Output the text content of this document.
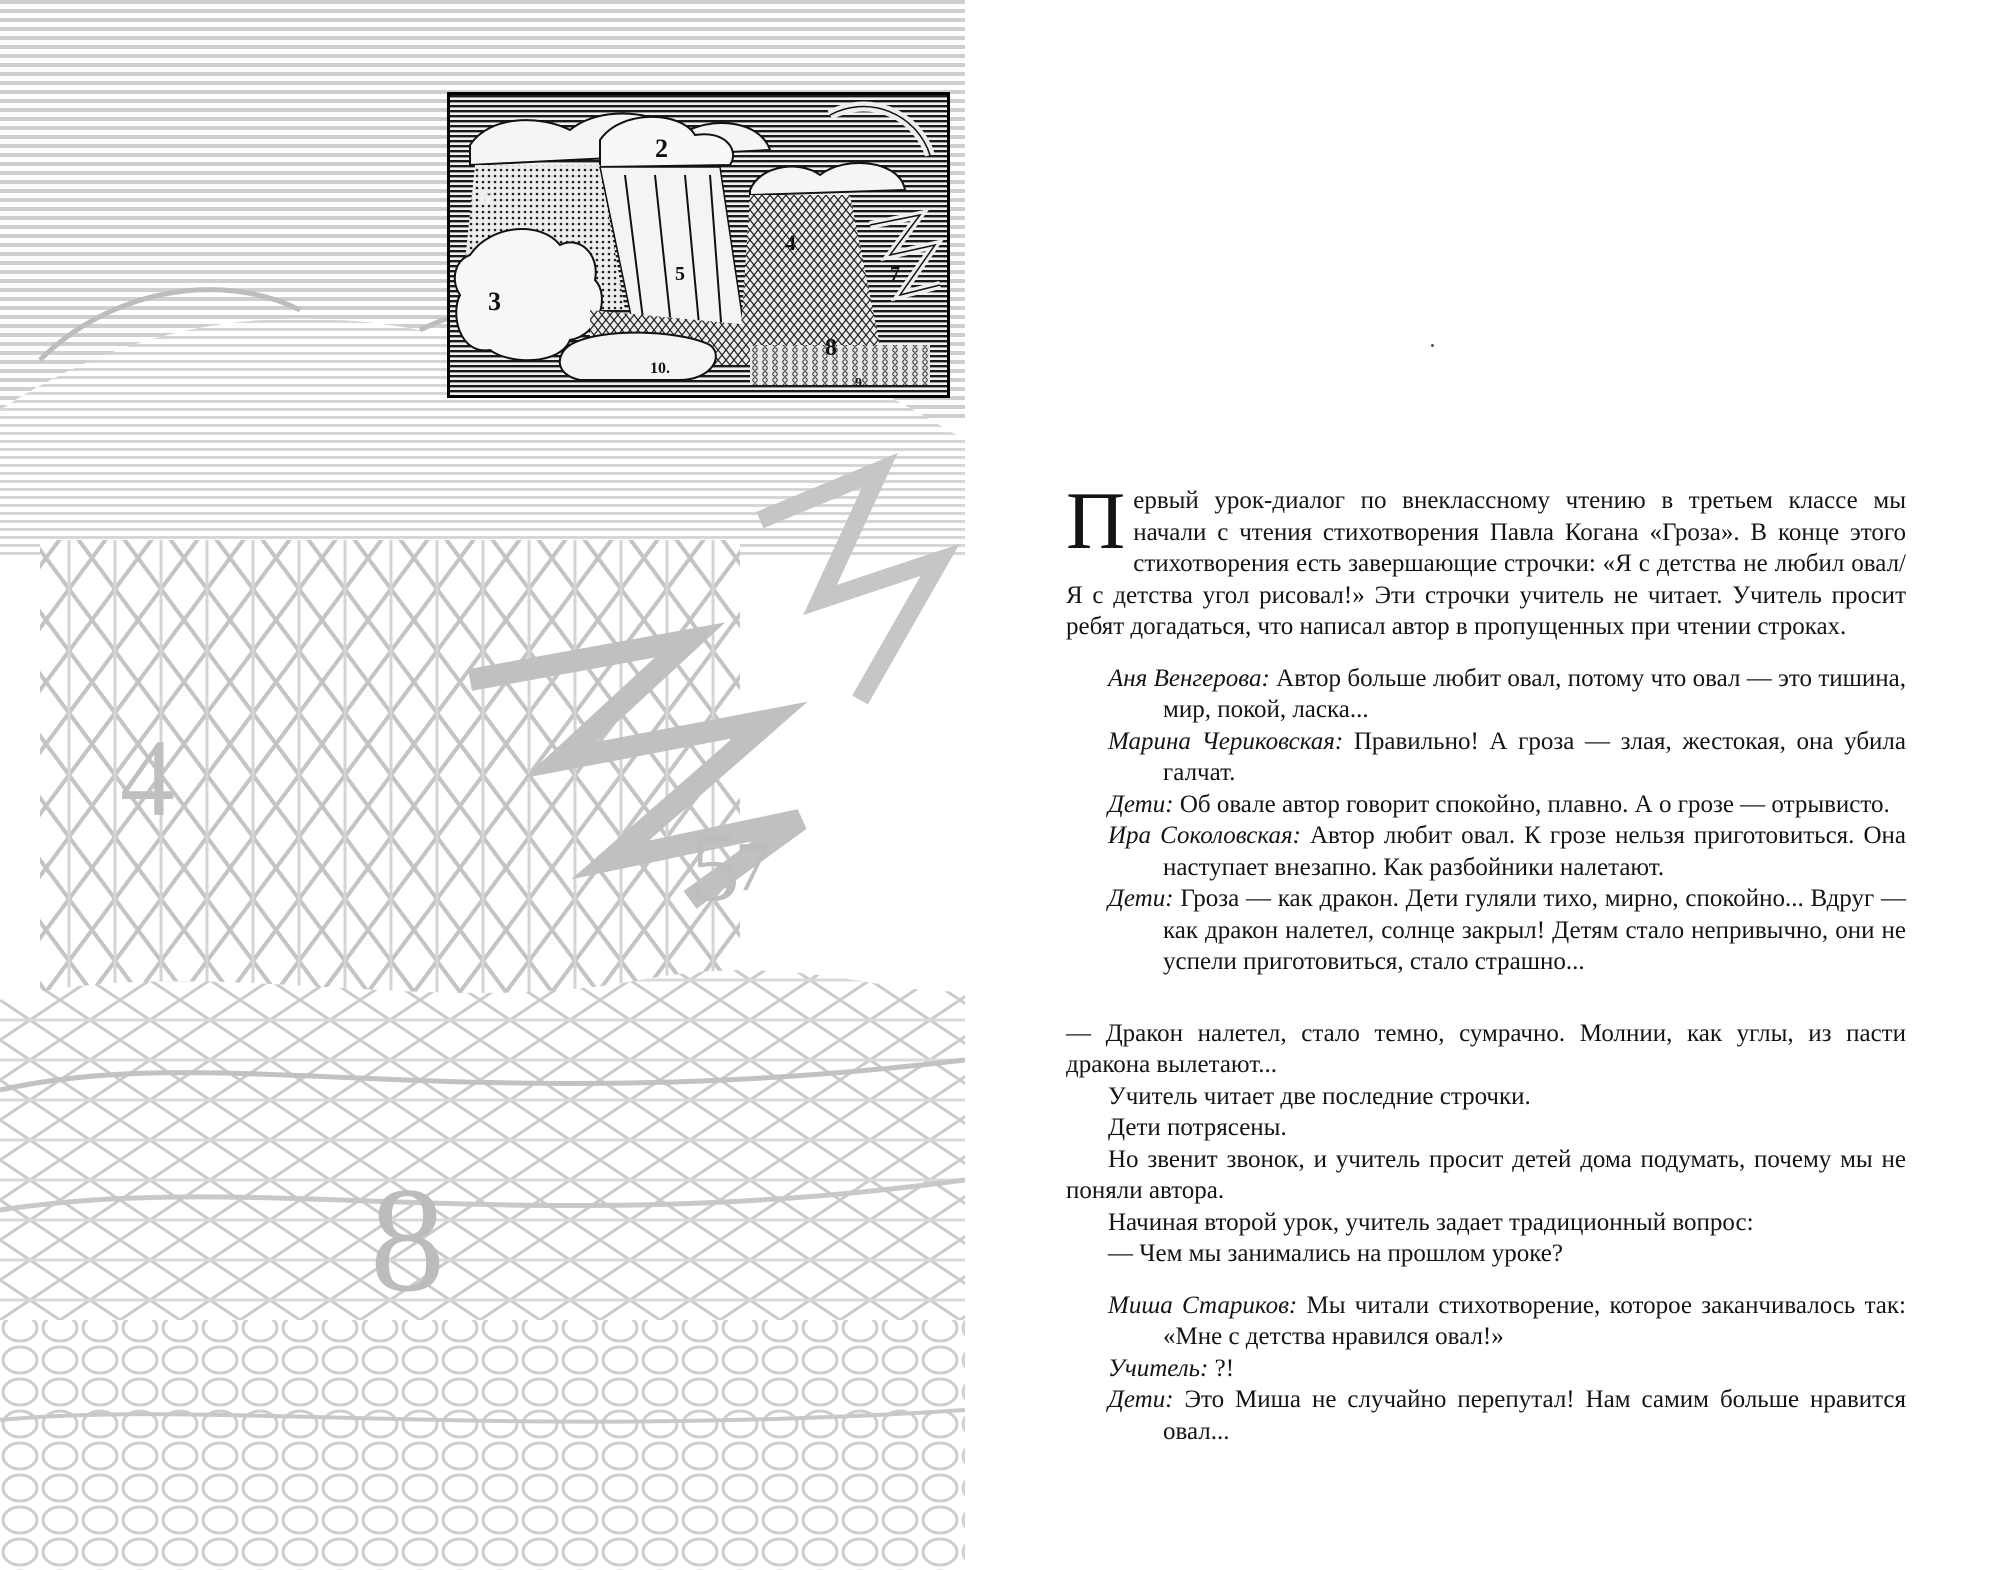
4
5
7
8
2
3
4
5
6
7
8
9
10.

Первый урок-диалог по внеклассному чтению в третьем классе мы начали с чтения стихотворения Павла Когана «Гроза». В конце этого стихотворения есть завершающие строчки: «Я с детства не любил овал/Я с детства угол рисовал!» Эти строчки учитель не читает. Учитель просит ребят догадаться, что написал автор в пропущенных при чтении строках.

Аня Венгерова: Автор больше любит овал, потому что овал — это тишина, мир, покой, ласка...

Марина Чериковская: Правильно! А гроза — злая, жестокая, она убила галчат.

Дети: Об овале автор говорит спокойно, плавно. А о грозе — отрывисто.

Ира Соколовская: Автор любит овал. К грозе нельзя приготовиться. Она наступает внезапно. Как разбойники налетают.

Дети: Гроза — как дракон. Дети гуляли тихо, мирно, спокойно... Вдруг — как дракон налетел, солнце закрыл! Детям стало непривычно, они не успели приготовиться, стало страшно...

— Дракон налетел, стало темно, сумрачно. Молнии, как углы, из пасти дракона вылетают...

Учитель читает две последние строчки.

Дети потрясены.

Но звенит звонок, и учитель просит детей дома подумать, почему мы не поняли автора.

Начиная второй урок, учитель задает традиционный вопрос:

— Чем мы занимались на прошлом уроке?

Миша Стариков: Мы читали стихотворение, которое заканчивалось так: «Мне с детства нравился овал!»

Учитель: ?!

Дети: Это Миша не случайно перепутал! Нам самим больше нравится овал...
